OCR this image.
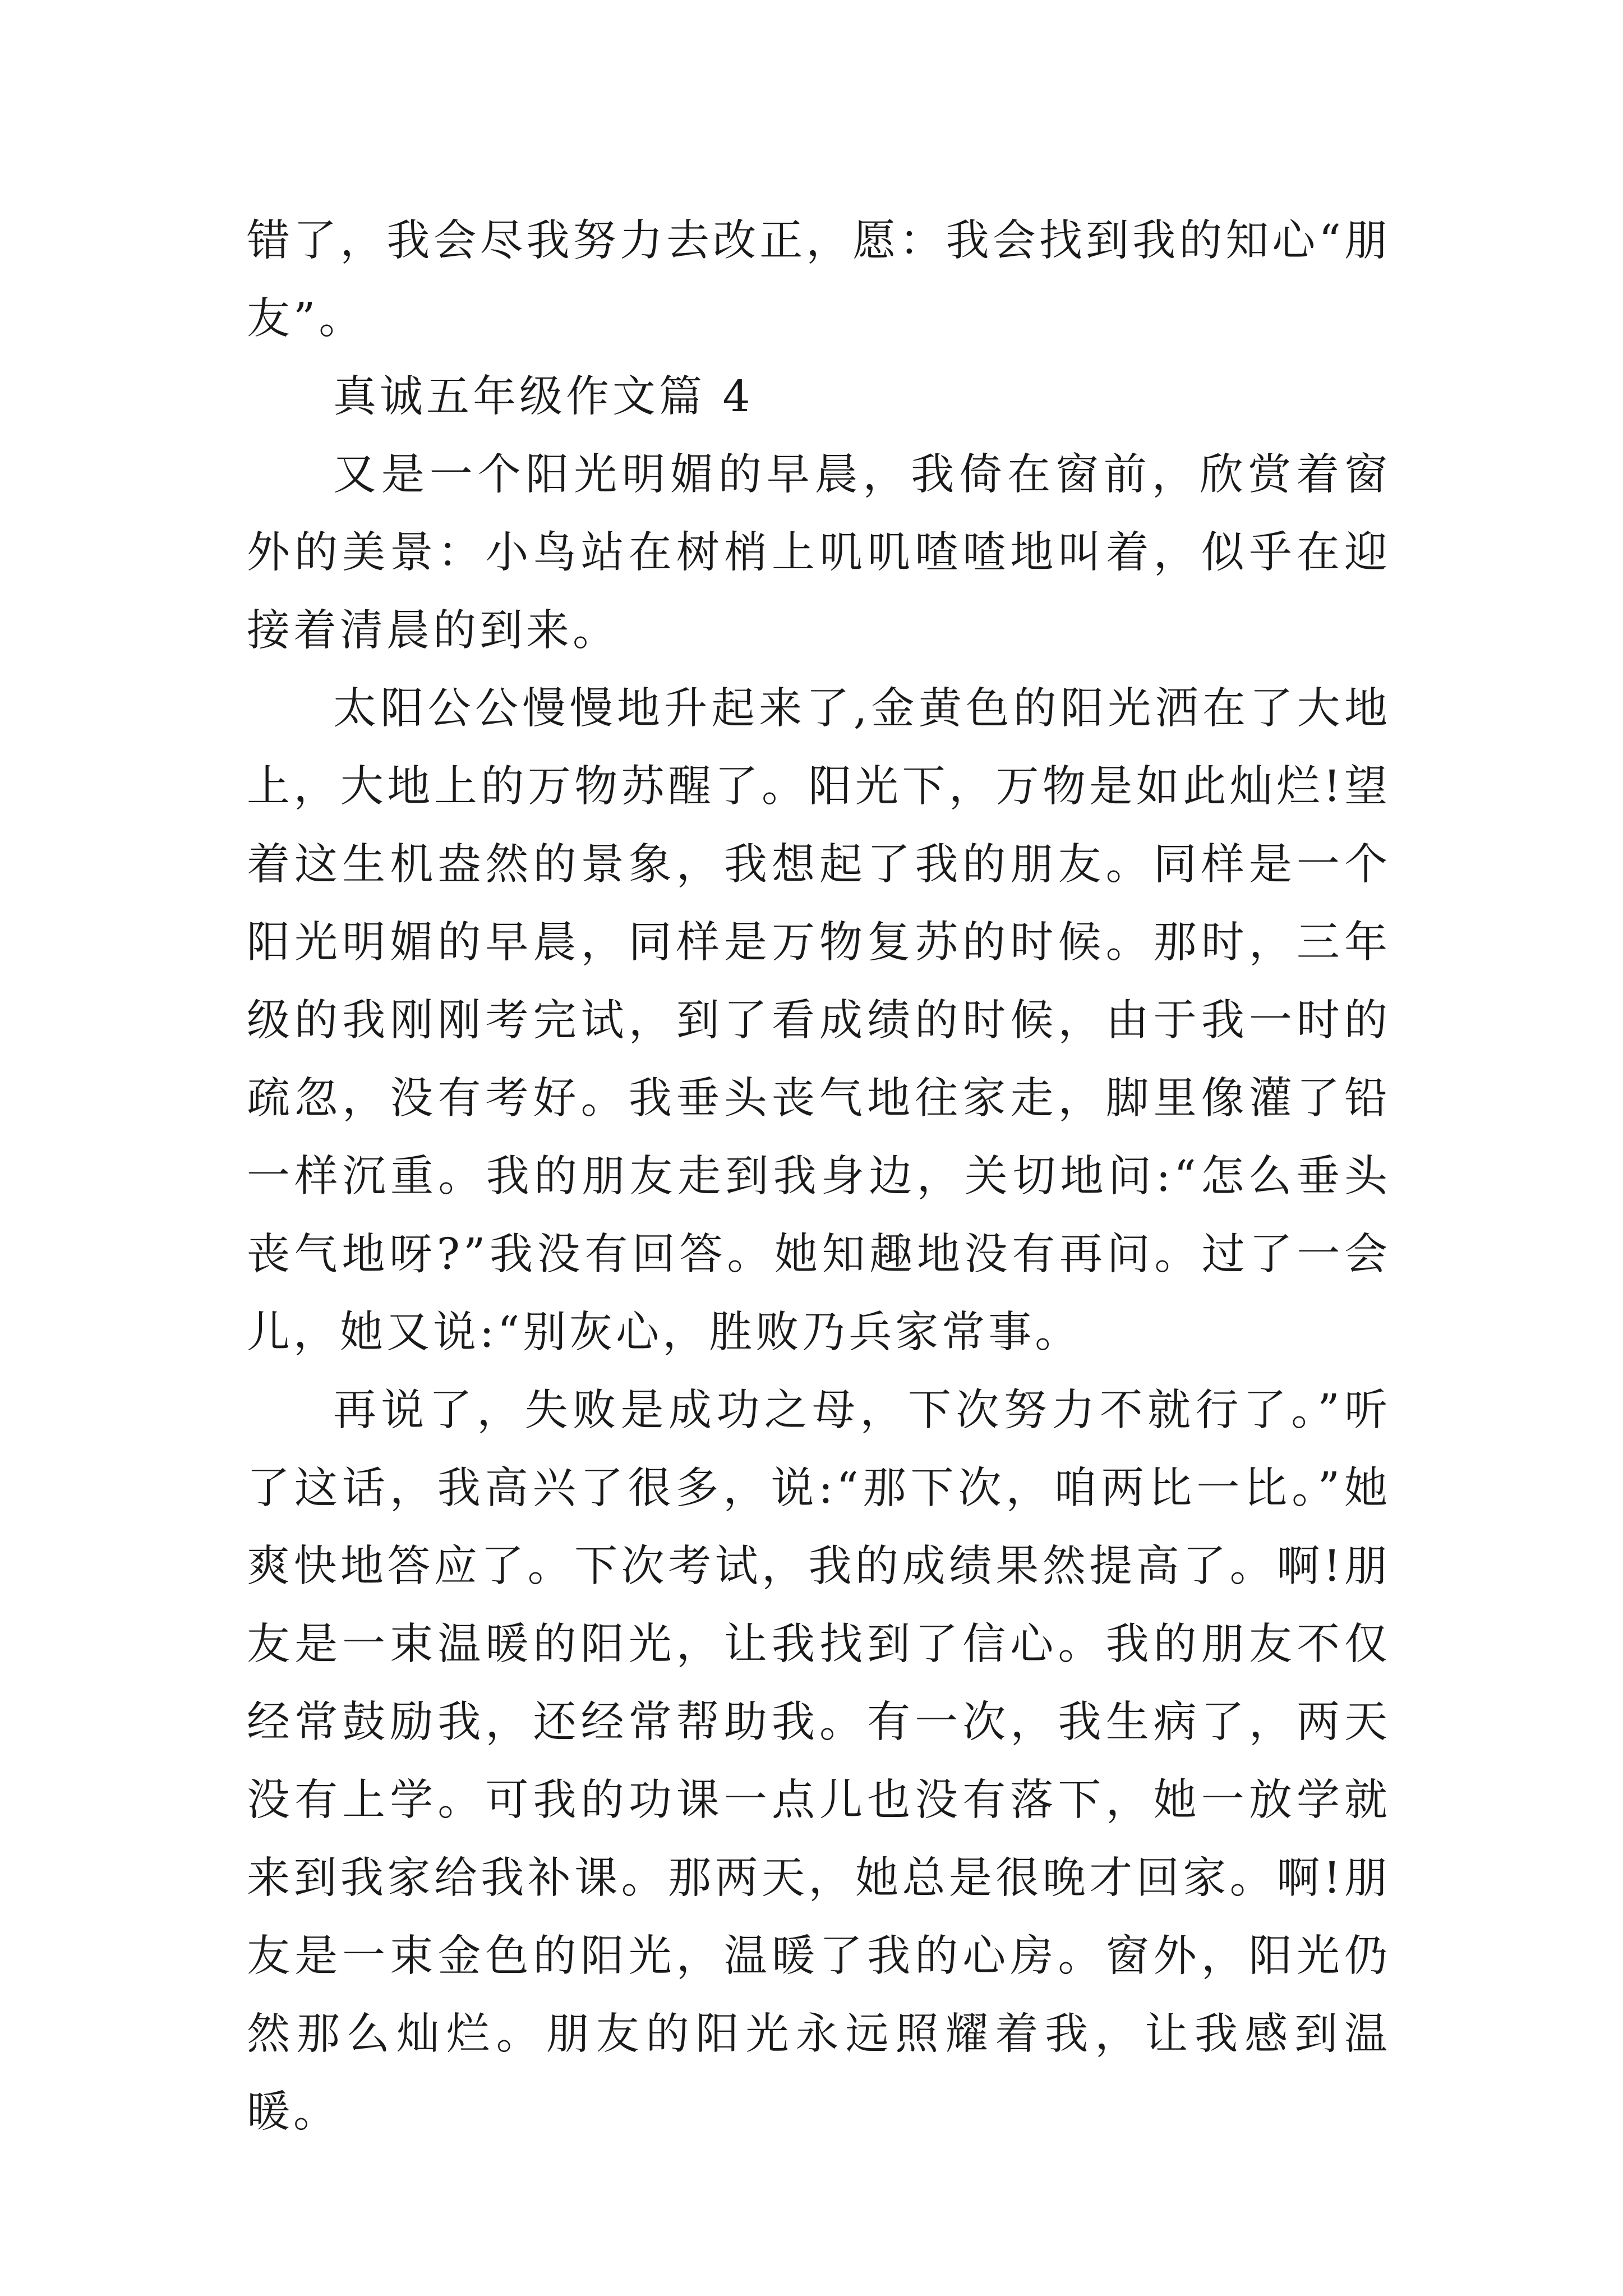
错了，我会尽我努力去改正，愿：我会找到我的知心“朋友”。

真诚五年级作文篇 4

又是一个阳光明媚的早晨，我倚在窗前，欣赏着窗外的美景：小鸟站在树梢上叽叽喳喳地叫着，似乎在迎接着清晨的到来。

太阳公公慢慢地升起来了,金黄色的阳光洒在了大地上，大地上的万物苏醒了。阳光下，万物是如此灿烂!望着这生机盎然的景象，我想起了我的朋友。同样是一个阳光明媚的早晨，同样是万物复苏的时候。那时，三年级的我刚刚考完试，到了看成绩的时候，由于我一时的疏忽，没有考好。我垂头丧气地往家走，脚里像灌了铅一样沉重。我的朋友走到我身边，关切地问:“怎么垂头丧气地呀?”我没有回答。她知趣地没有再问。过了一会儿，她又说:“别灰心，胜败乃兵家常事。

再说了，失败是成功之母，下次努力不就行了。”听了这话，我高兴了很多，说:“那下次，咱两比一比。”她爽快地答应了。下次考试，我的成绩果然提高了。啊!朋友是一束温暖的阳光，让我找到了信心。我的朋友不仅经常鼓励我，还经常帮助我。有一次，我生病了，两天没有上学。可我的功课一点儿也没有落下，她一放学就来到我家给我补课。那两天，她总是很晚才回家。啊!朋友是一束金色的阳光，温暖了我的心房。窗外，阳光仍然那么灿烂。朋友的阳光永远照耀着我，让我感到温暖。
